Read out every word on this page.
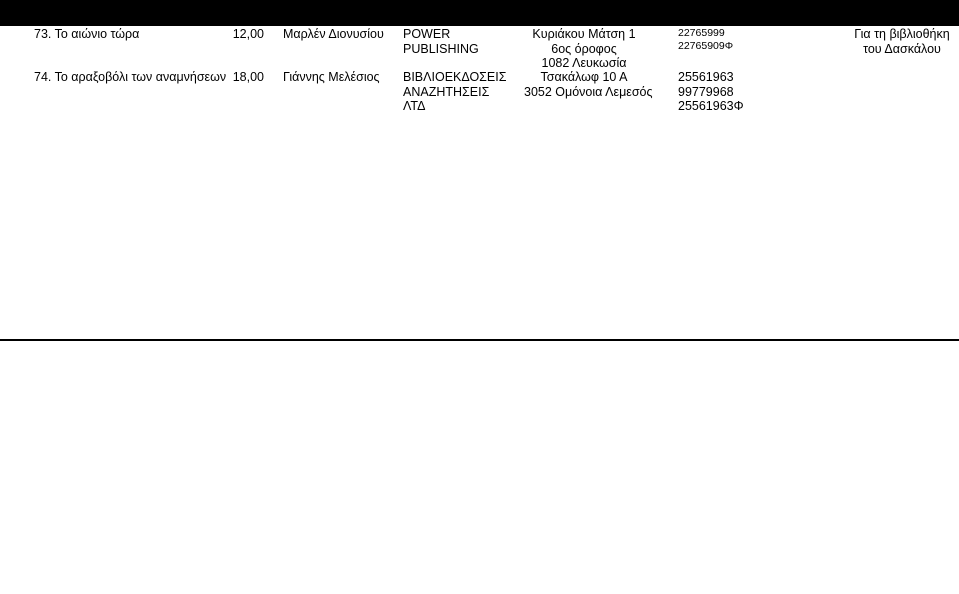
73. Το αιώνιο τώρα	12,00 Μαρλέν Διονυσίου POWER
PUBLISHING
Κυριάκου Μάτση 1
6ος όροφος
1082 Λευκωσία
22765999
22765909Φ
Για τη βιβλιοθήκη
του Δασκάλου
74. Το αραξοβόλι των αναμνήσεων 18,00 Γιάννης Μελέσιος ΒΙΒΛΙΟΕΚΔΟΣΕΙΣ
ΑΝΑΖΗΤΗΣΕΙΣ
ΛΤΔ
Τσακάλωφ 10 Α
3052 Ομόνοια Λεμεσός
25561963
99779968
25561963Φ
